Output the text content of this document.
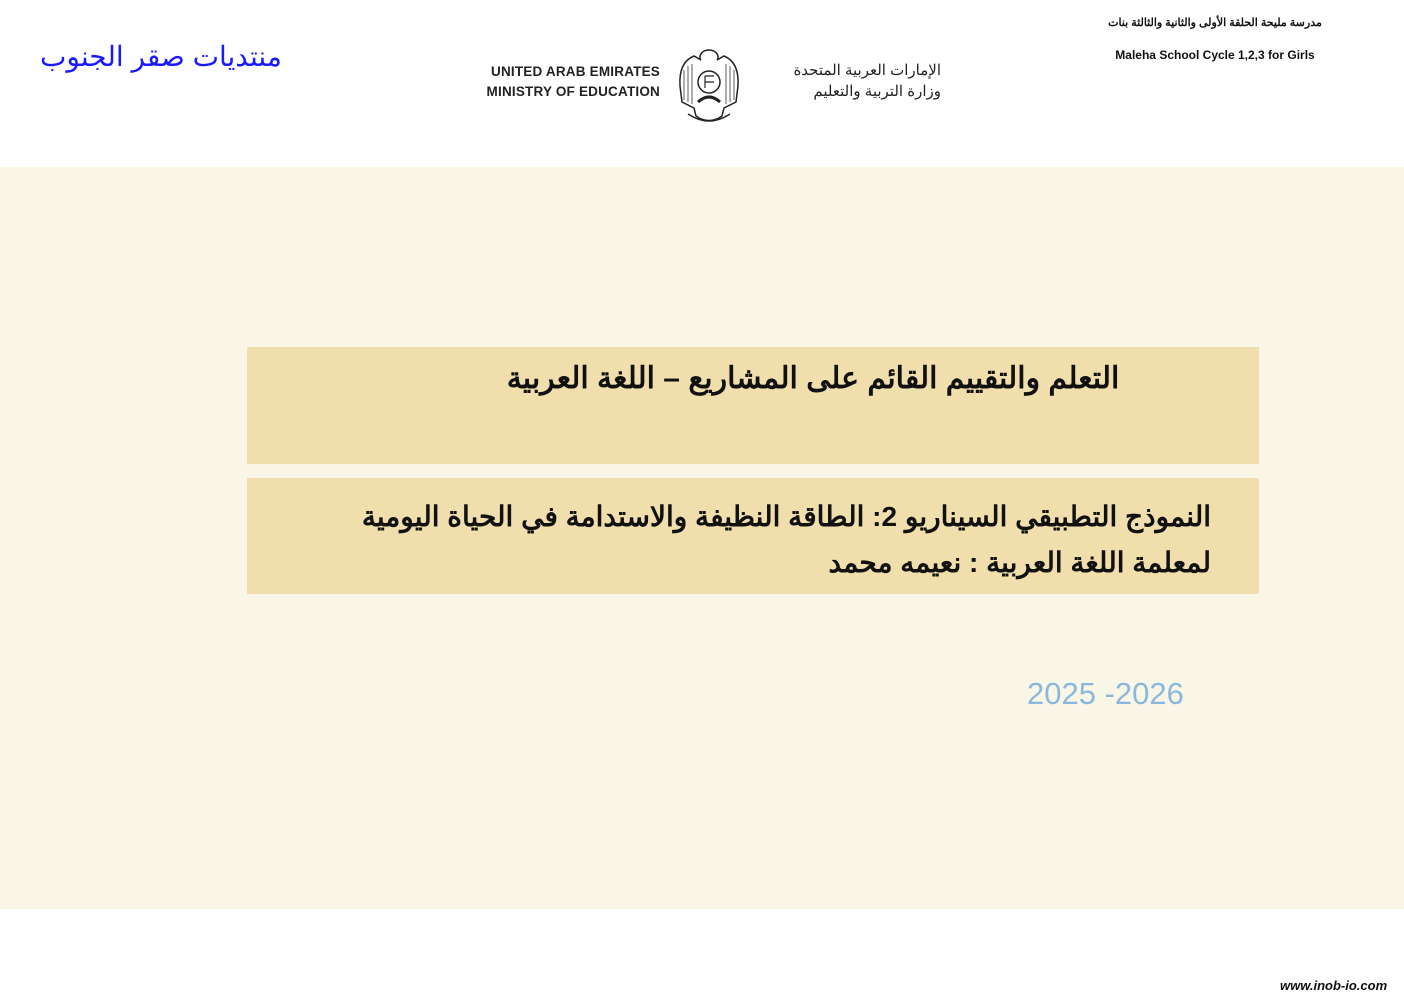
منتديات صقر الجنوب
مدرسة مليحة الحلقة الأولى والثانية والثالثة بنات
Maleha School Cycle 1,2,3 for Girls
UNITED ARAB EMIRATES
MINISTRY OF EDUCATION
الإمارات العربية المتحدة
وزارة التربية والتعليم
التعلم والتقييم القائم على المشاريع – اللغة العربية
النموذج التطبيقي السيناريو 2: الطاقة النظيفة والاستدامة في الحياة اليومية
لمعلمة اللغة العربية : نعيمه محمد
2025 -2026
www.inob-io.com
